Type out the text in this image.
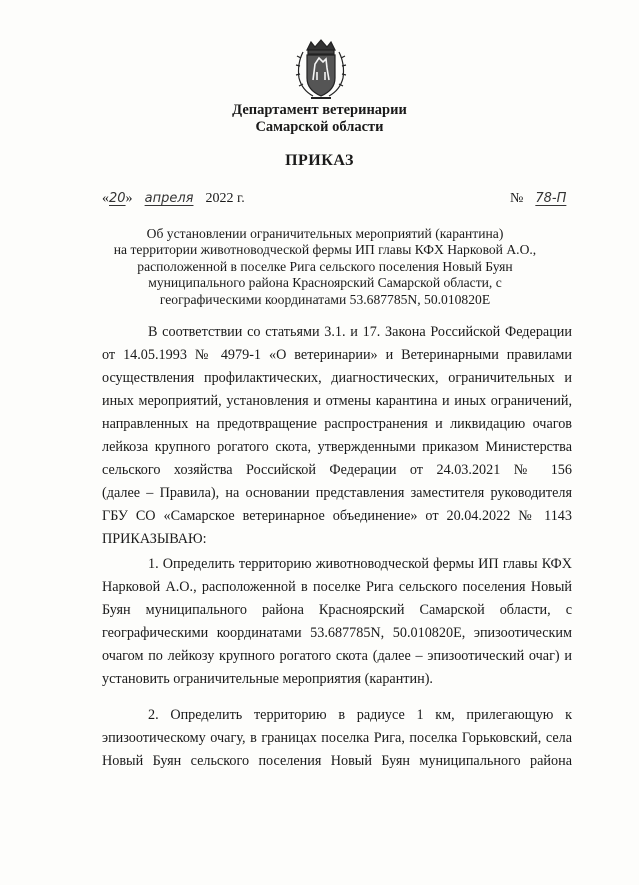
Департамент ветеринарии
Самарской области
ПРИКАЗ
«20» апреля 2022 г.	№ 78-П
Об установлении ограничительных мероприятий (карантина)
на территории животноводческой фермы ИП главы КФХ Нарковой А.О.,
расположенной в поселке Рига сельского поселения Новый Буян
муниципального района Красноярский Самарской области, с
географическими координатами 53.687785N, 50.010820E
В соответствии со статьями 3.1. и 17. Закона Российской Федерации
от 14.05.1993 № 4979-1 «О ветеринарии» и Ветеринарными правилами
осуществления профилактических, диагностических, ограничительных и
иных мероприятий, установления и отмены карантина и иных ограничений,
направленных на предотвращение распространения и ликвидацию очагов
лейкоза крупного рогатого скота, утвержденными приказом Министерства
сельского хозяйства Российской Федерации от 24.03.2021 № 156
(далее – Правила), на основании представления заместителя руководителя
ГБУ СО «Самарское ветеринарное объединение» от 20.04.2022 № 1143
ПРИКАЗЫВАЮ:
1. Определить территорию животноводческой фермы ИП главы КФХ
Нарковой А.О., расположенной в поселке Рига сельского поселения Новый
Буян муниципального района Красноярский Самарской области, с
географическими координатами 53.687785N, 50.010820E, эпизоотическим
очагом по лейкозу крупного рогатого скота (далее – эпизоотический очаг) и
установить ограничительные мероприятия (карантин).
2. Определить территорию в радиусе 1 км, прилегающую к
эпизоотическому очагу, в границах поселка Рига, поселка Горьковский, села
Новый Буян сельского поселения Новый Буян муниципального района
